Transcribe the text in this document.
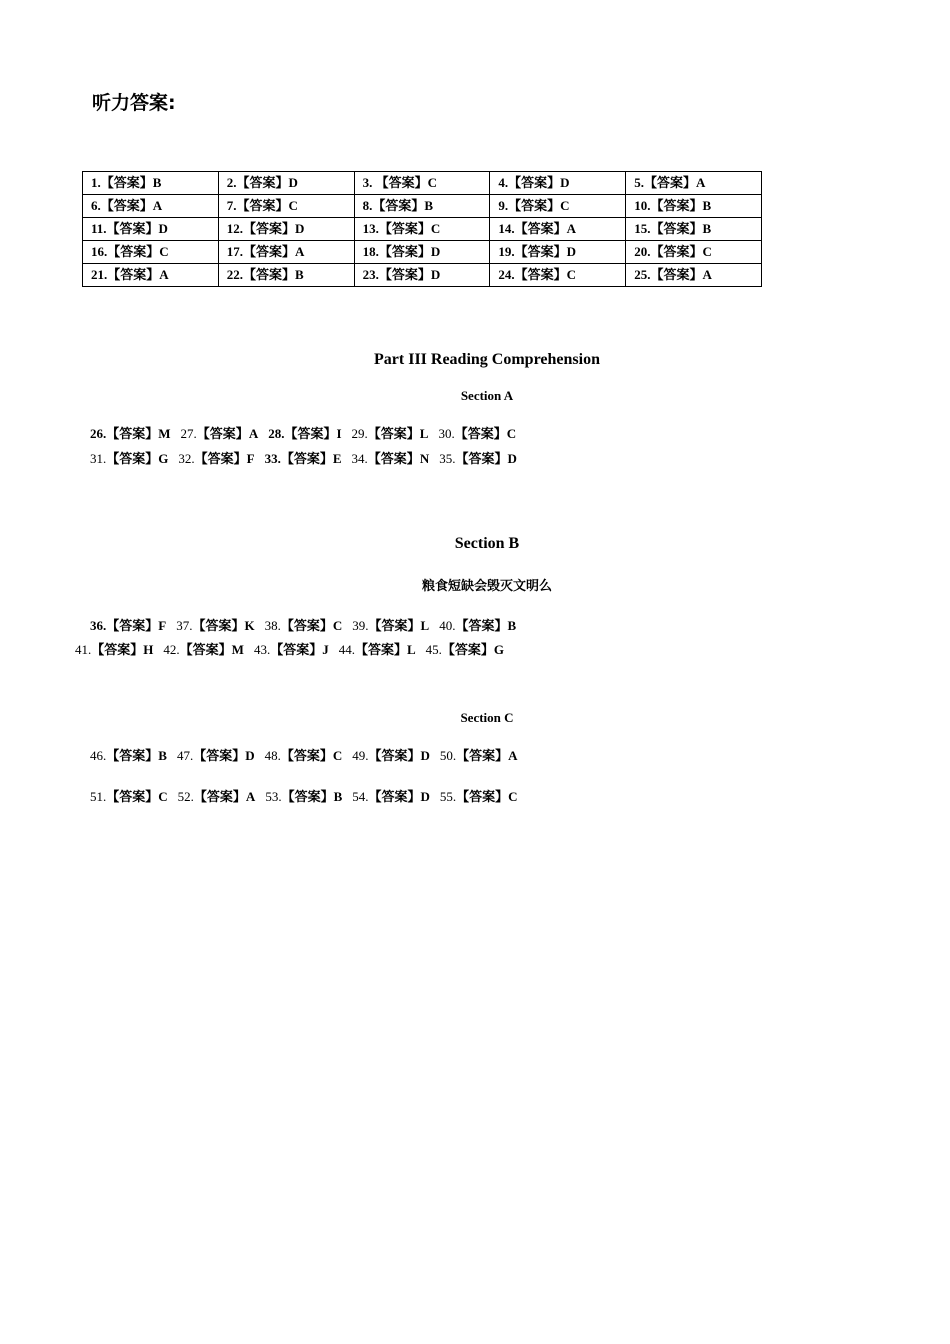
听力答案:
1.【答案】B	2.【答案】D	3. 【答案】C	4.【答案】D	5.【答案】A
6.【答案】A	7.【答案】C	8.【答案】B	9.【答案】C	10.【答案】B
11.【答案】D	12.【答案】D	13.【答案】C	14.【答案】A	15.【答案】B
16.【答案】C	17.【答案】A	18.【答案】D	19.【答案】D	20.【答案】C
21.【答案】A	22.【答案】B	23.【答案】D	24.【答案】C	25.【答案】A
Part III Reading Comprehension
Section A
26.【答案】M 27.【答案】A 28.【答案】I 29.【答案】L 30.【答案】C
31.【答案】G 32.【答案】F 33.【答案】E 34.【答案】N 35.【答案】D
Section B
粮食短缺会毁灭文明么
36.【答案】F 37.【答案】K 38.【答案】C 39.【答案】L 40.【答案】B
41.【答案】H 42.【答案】M 43.【答案】J 44.【答案】L 45.【答案】G
Section C
46.【答案】B 47.【答案】D 48.【答案】C 49.【答案】D 50.【答案】A
51.【答案】C 52.【答案】A 53.【答案】B 54.【答案】D 55.【答案】C
